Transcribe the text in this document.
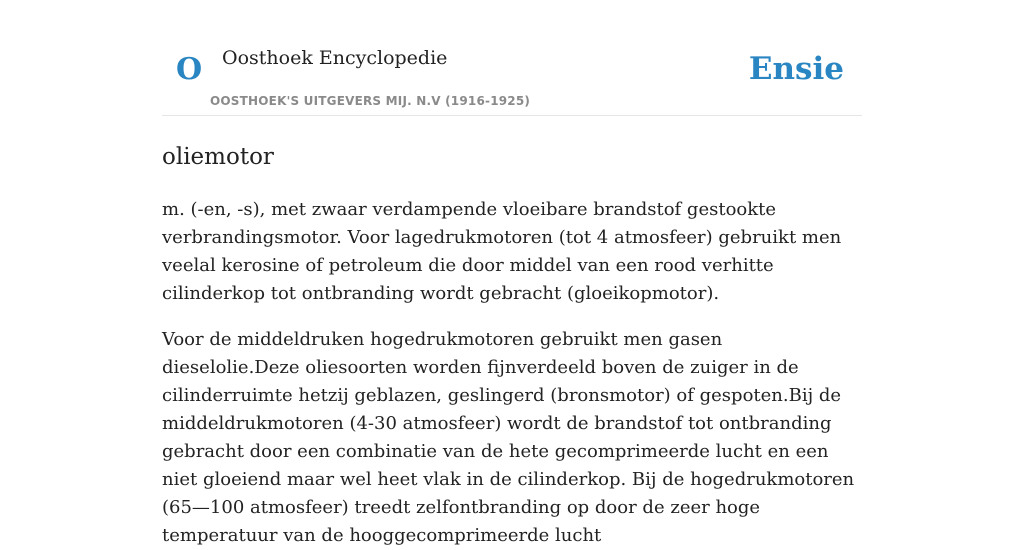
O Oosthoek Encyclopedie
OOSTHOEK'S UITGEVERS MIJ. N.V (1916-1925)
Ensie
oliemotor

m. (-en, -s), met zwaar verdampende vloeibare brandstof gestookte verbrandingsmotor. Voor lagedrukmotoren (tot 4 atmosfeer) gebruikt men veelal kerosine of petroleum die door middel van een rood verhitte cilinderkop tot ontbranding wordt gebracht (gloeikopmotor).

Voor de middeldruken hogedrukmotoren gebruikt men gasen dieselolie.Deze oliesoorten worden fijnverdeeld boven de zuiger in de cilinderruimte hetzij geblazen, geslingerd (bronsmotor) of gespoten.Bij de middeldrukmotoren (4-30 atmosfeer) wordt de brandstof tot ontbranding gebracht door een combinatie van de hete gecomprimeerde lucht en een niet gloeiend maar wel heet vlak in de cilinderkop. Bij de hogedrukmotoren (65—100 atmosfeer) treedt zelfontbranding op door de zeer hoge temperatuur van de hooggecomprimeerde lucht
